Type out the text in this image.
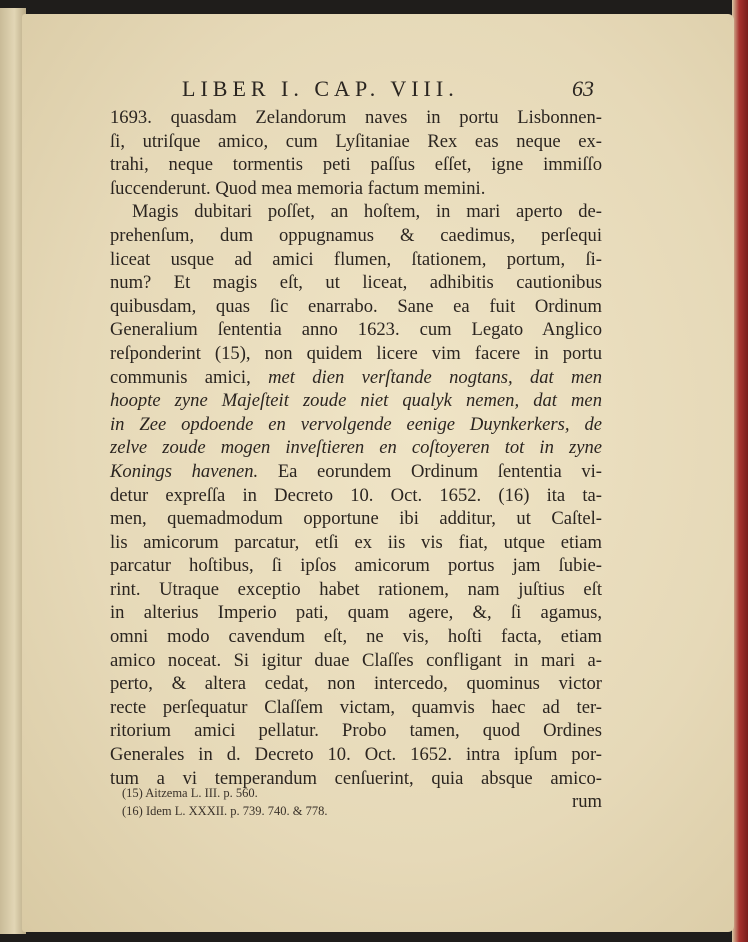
LIBER I. CAP. VIII.	63
1693. quasdam Zelandorum naves in portu Lisbonnen-
ſi, utriſque amico, cum Lyſitaniae Rex eas neque ex-
trahi, neque tormentis peti paſſus eſſet, igne immiſſo
ſuccenderunt. Quod mea memoria factum memini.
Magis dubitari poſſet, an hoſtem, in mari aperto de-
prehenſum, dum oppugnamus & caedimus, perſequi
liceat usque ad amici flumen, ſtationem, portum, ſi-
num? Et magis eſt, ut liceat, adhibitis cautionibus
quibusdam, quas ſic enarrabo. Sane ea fuit Ordinum
Generalium ſententia anno 1623. cum Legato Anglico
reſponderint (15), non quidem licere vim facere in portu
communis amici, met dien verſtande nogtans, dat men
hoopte zyne Majeſteit zoude niet qualyk nemen, dat men
in Zee opdoende en vervolgende eenige Duynkerkers, de
zelve zoude mogen inveſtieren en coſtoyeren tot in zyne
Konings havenen. Ea eorundem Ordinum ſententia vi-
detur expreſſa in Decreto 10. Oct. 1652. (16) ita ta-
men, quemadmodum opportune ibi additur, ut Caſtel-
lis amicorum parcatur, etſi ex iis vis fiat, utque etiam
parcatur hoſtibus, ſi ipſos amicorum portus jam ſubie-
rint. Utraque exceptio habet rationem, nam juſtius eſt
in alterius Imperio pati, quam agere, &, ſi agamus,
omni modo cavendum eſt, ne vis, hoſti facta, etiam
amico noceat. Si igitur duae Claſſes confligant in mari a-
perto, & altera cedat, non intercedo, quominus victor
recte perſequatur Claſſem victam, quamvis haec ad ter-
ritorium amici pellatur. Probo tamen, quod Ordines
Generales in d. Decreto 10. Oct. 1652. intra ipſum por-
tum a vi temperandum cenſuerint, quia absque amico-
rum
(15) Aitzema L. III. p. 560.
(16) Idem L. XXXII. p. 739. 740. & 778.
